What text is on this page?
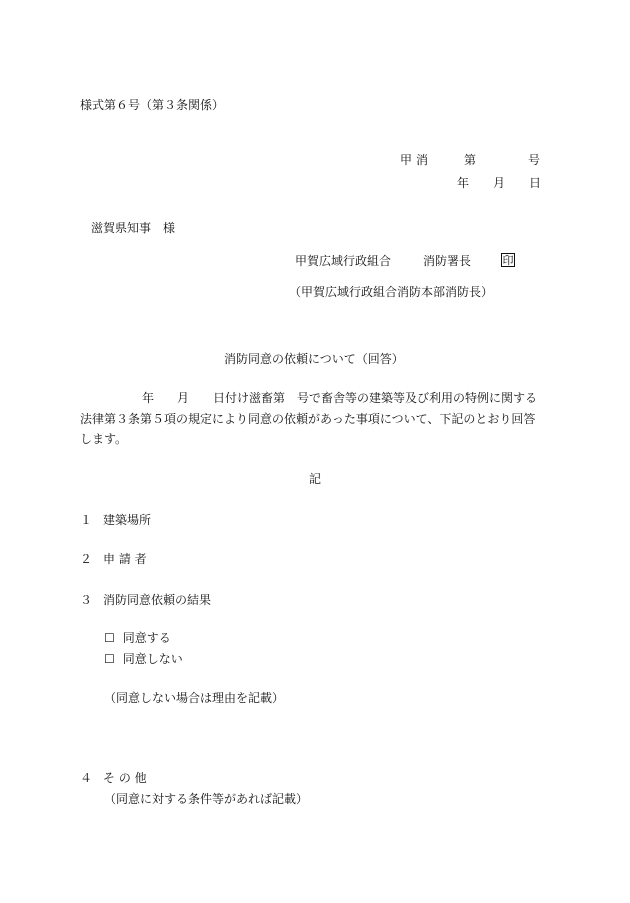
様式第６号（第３条関係）
甲消	第	号
年 月 日
滋賀県知事　様
甲賀広域行政組合	消防署長	印
（甲賀広域行政組合消防本部消防長）
消防同意の依頼について（回答）
年 月 日付け滋畜第　号で畜舎等の建築等及び利用の特例に関する
法律第３条第５項の規定により同意の依頼があった事項について、下記のとおり回答
します。
記
１ 建築場所
２ 申 請 者
３ 消防同意依頼の結果
☐ 同意する
☐ 同意しない
（同意しない場合は理由を記載）
４ そ の 他
（同意に対する条件等があれば記載）
